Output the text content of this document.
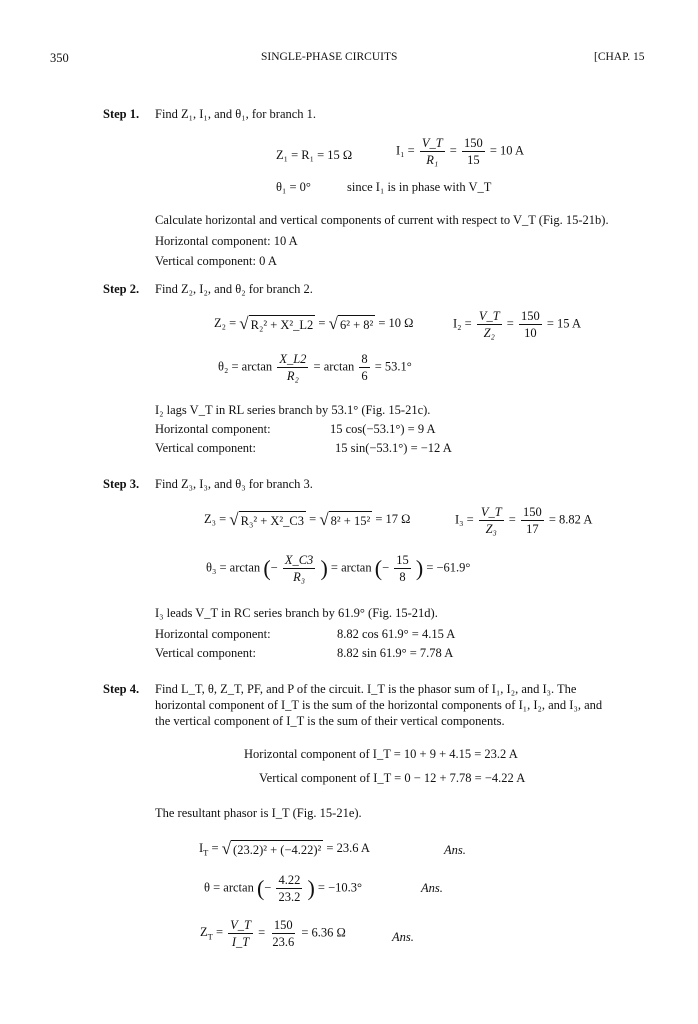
350	SINGLE-PHASE CIRCUITS	[CHAP. 15
Step 1. Find Z₁, I₁, and θ₁, for branch 1.
Z₁ = R₁ = 15 Ω	$I_1 = \frac{V\_T}{\text{R₁}} = \frac{150}{15} = 10$ A
θ₁ = 0°	since I₁ is in phase with V_T
Calculate horizontal and vertical components of current with respect to V_T (Fig. 15-21b).
Horizontal component: 10 A
Vertical component: 0 A
Step 2. Find Z₂, I₂, and θ₂ for branch 2.
Z₂ = √ R₂² + X²_L2 = √ 6² + 8² = 10 Ω	$I_2 = \frac{V\_T}{\text{Z₂}} = \frac{150}{10} = 15$ A
$\theta_2 = \arctan \frac{X\_L2}{\text{R₂}} = \arctan \frac{8}{6} = 53.1^\circ$
I₂ lags V_T in RL series branch by 53.1° (Fig. 15-21c).
Horizontal component:	15 cos(−53.1°) = 9 A
Vertical component:	15 sin(−53.1°) = −12 A
Step 3. Find Z₃, I₃, and θ₃ for branch 3.
Z₃ = √ R₃² + X²_C3 = √ 8² + 15² = 17 Ω	$I_3 = \frac{V\_T}{\text{Z₃}} = \frac{150}{17} = 8.82$ A
θ₃ = arctan (− $\frac{X\_C3}{\text{R₃}}$ ) = arctan (− $\frac{15}{8}$ ) = −61.9°
I₃ leads V_T in RC series branch by 61.9° (Fig. 15-21d).
Horizontal component:	8.82 cos 61.9° = 4.15 A
Vertical component:	8.82 sin 61.9° = 7.78 A
Step 4. Find L_T, θ, Z_T, PF, and P of the circuit. I_T is the phasor sum of I₁, I₂, and I₃. The
horizontal component of I_T is the sum of the horizontal components of I₁, I₂, and I₃, and
the vertical component of I_T is the sum of their vertical components.
Horizontal component of I_T = 10 + 9 + 4.15 = 23.2 A
Vertical component of I_T = 0 − 12 + 7.78 = −4.22 A
The resultant phasor is I_T (Fig. 15-21e).
$I_T$ = √ (23.2)² + (−4.22)² = 23.6 A	Ans.
θ = arctan (− $\frac{4.22}{23.2}$ ) = −10.3°	Ans.
$Z_T = \frac{V\_T}{I\_T} = \frac{150}{23.6} = 6.36$ Ω	Ans.
